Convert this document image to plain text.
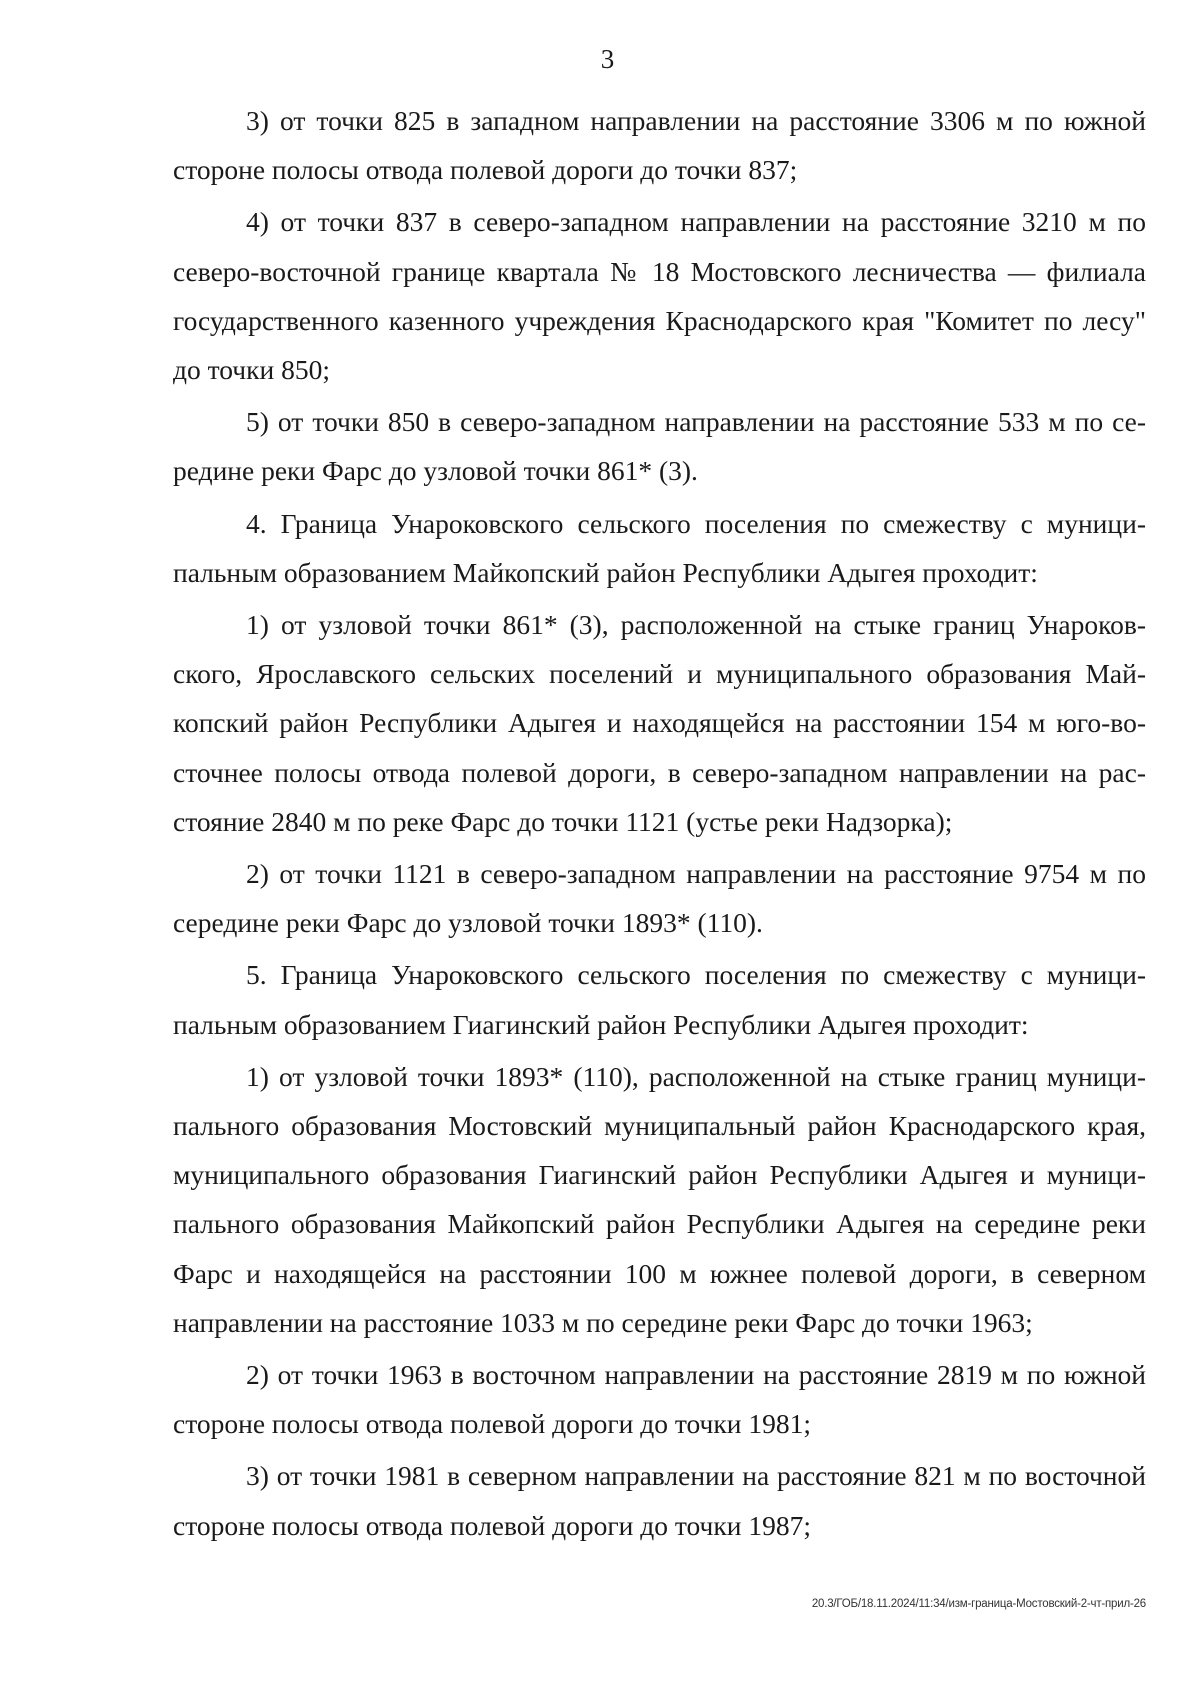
3

3) от точки 825 в западном направлении на расстояние 3306 м по южной стороне полосы отвода полевой дороги до точки 837;

4) от точки 837 в северо-западном направлении на расстояние 3210 м по северо-восточной границе квартала № 18 Мостовского лесничества — филиала государственного казенного учреждения Краснодарского края "Комитет по лесу" до точки 850;

5) от точки 850 в северо-западном направлении на расстояние 533 м по середине реки Фарс до узловой точки 861* (3).

4. Граница Унароковского сельского поселения по смежеству с муниципальным образованием Майкопский район Республики Адыгея проходит:

1) от узловой точки 861* (3), расположенной на стыке границ Унароковского, Ярославского сельских поселений и муниципального образования Майкопский район Республики Адыгея и находящейся на расстоянии 154 м юго-восточнее полосы отвода полевой дороги, в северо-западном направлении на расстояние 2840 м по реке Фарс до точки 1121 (устье реки Надзорка);

2) от точки 1121 в северо-западном направлении на расстояние 9754 м по середине реки Фарс до узловой точки 1893* (110).

5. Граница Унароковского сельского поселения по смежеству с муниципальным образованием Гиагинский район Республики Адыгея проходит:

1) от узловой точки 1893* (110), расположенной на стыке границ муниципального образования Мостовский муниципальный район Краснодарского края, муниципального образования Гиагинский район Республики Адыгея и муниципального образования Майкопский район Республики Адыгея на середине реки Фарс и находящейся на расстоянии 100 м южнее полевой дороги, в северном направлении на расстояние 1033 м по середине реки Фарс до точки 1963;

2) от точки 1963 в восточном направлении на расстояние 2819 м по южной стороне полосы отвода полевой дороги до точки 1981;

3) от точки 1981 в северном направлении на расстояние 821 м по восточной стороне полосы отвода полевой дороги до точки 1987;

20.3/ГОБ/18.11.2024/11:34/изм-граница-Мостовский-2-чт-прил-26
